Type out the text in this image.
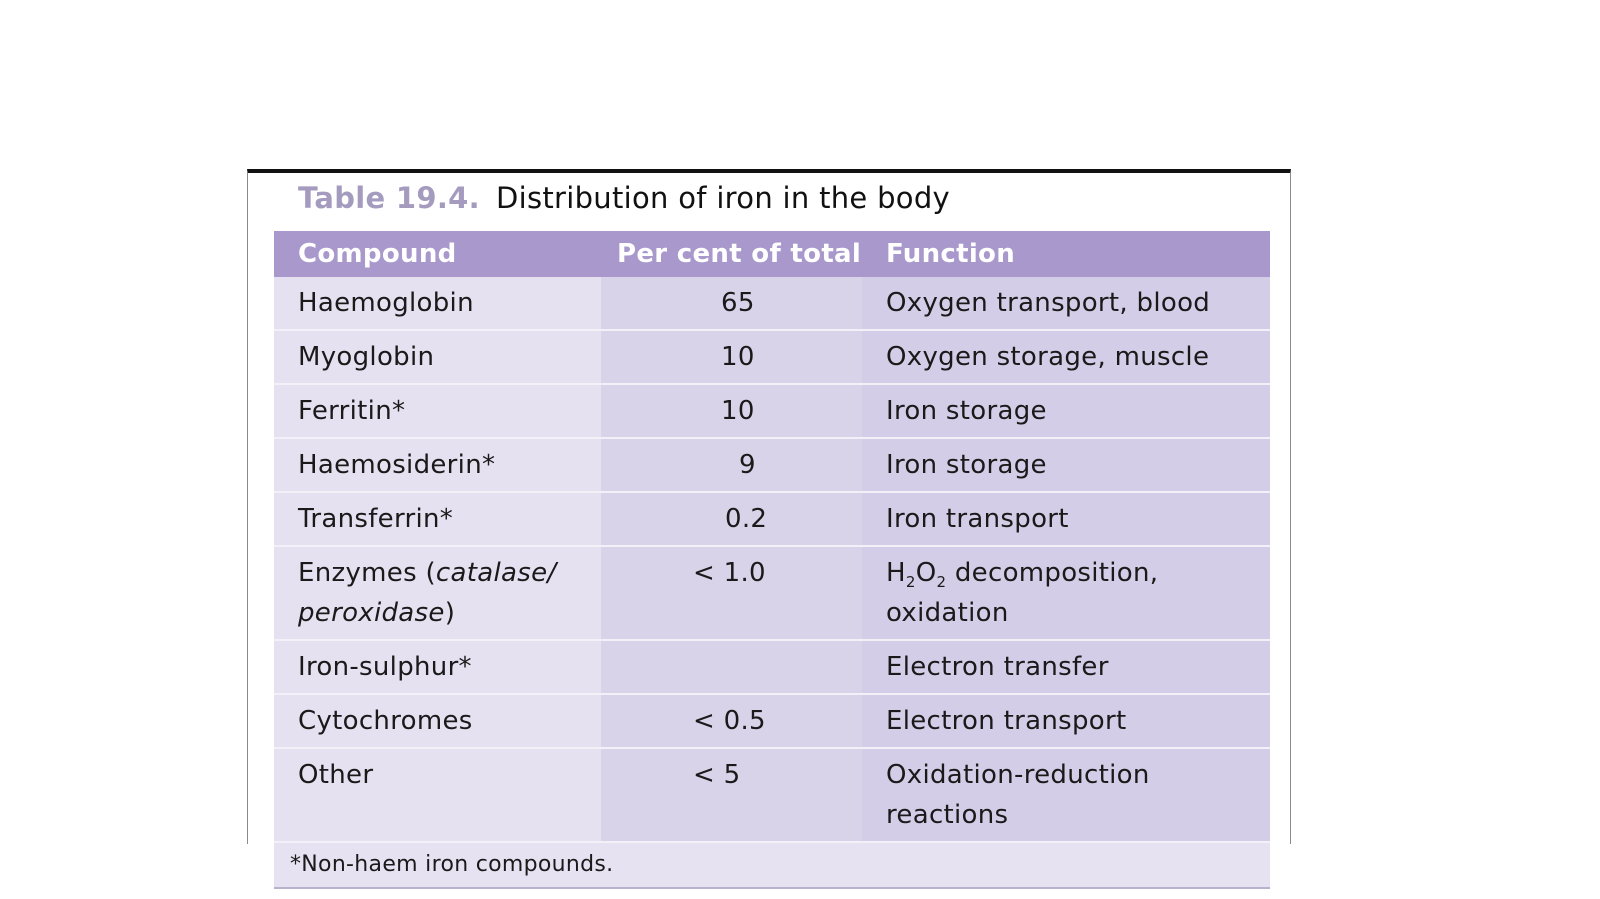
Table 19.4. Distribution of iron in the body
Compound	Per cent of total	Function
Haemoglobin	65	Oxygen transport, blood
Myoglobin	10	Oxygen storage, muscle
Ferritin*	10	Iron storage
Haemosiderin*	9	Iron storage
Transferrin*	0.2	Iron transport
Enzymes (catalase/
peroxidase)	< 1.0	$H_2O_2$ decomposition,
oxidation
Iron-sulphur*		Electron transfer
Cytochromes	< 0.5	Electron transport
Other	< 5	Oxidation-reduction
reactions
*Non-haem iron compounds.		
